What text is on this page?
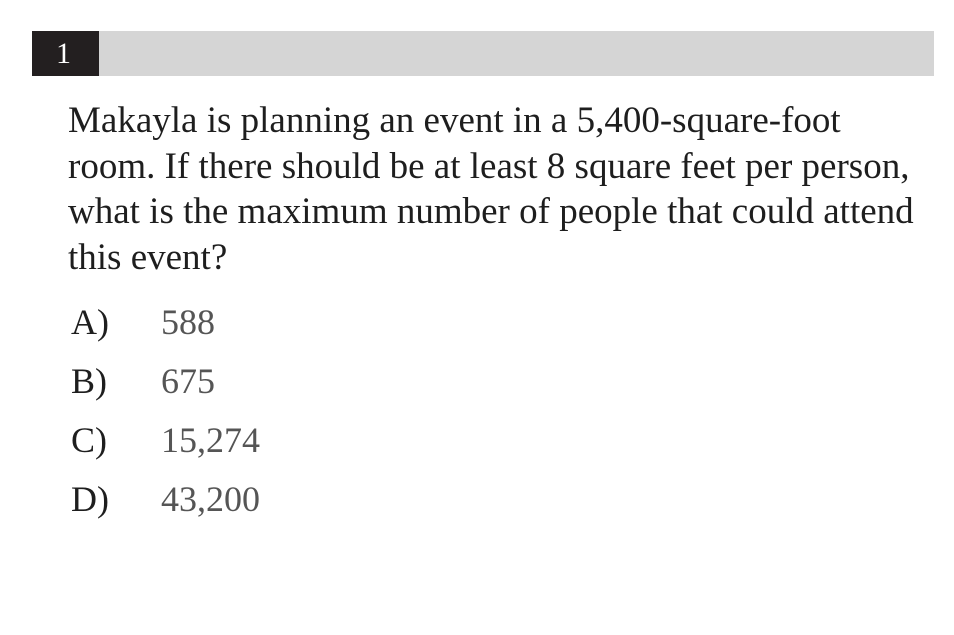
1

Makayla is planning an event in a 5,400-square-foot room. If there should be at least 8 square feet per person, what is the maximum number of people that could attend this event?

A)	588
B)	675
C)	15,274
D)	43,200
